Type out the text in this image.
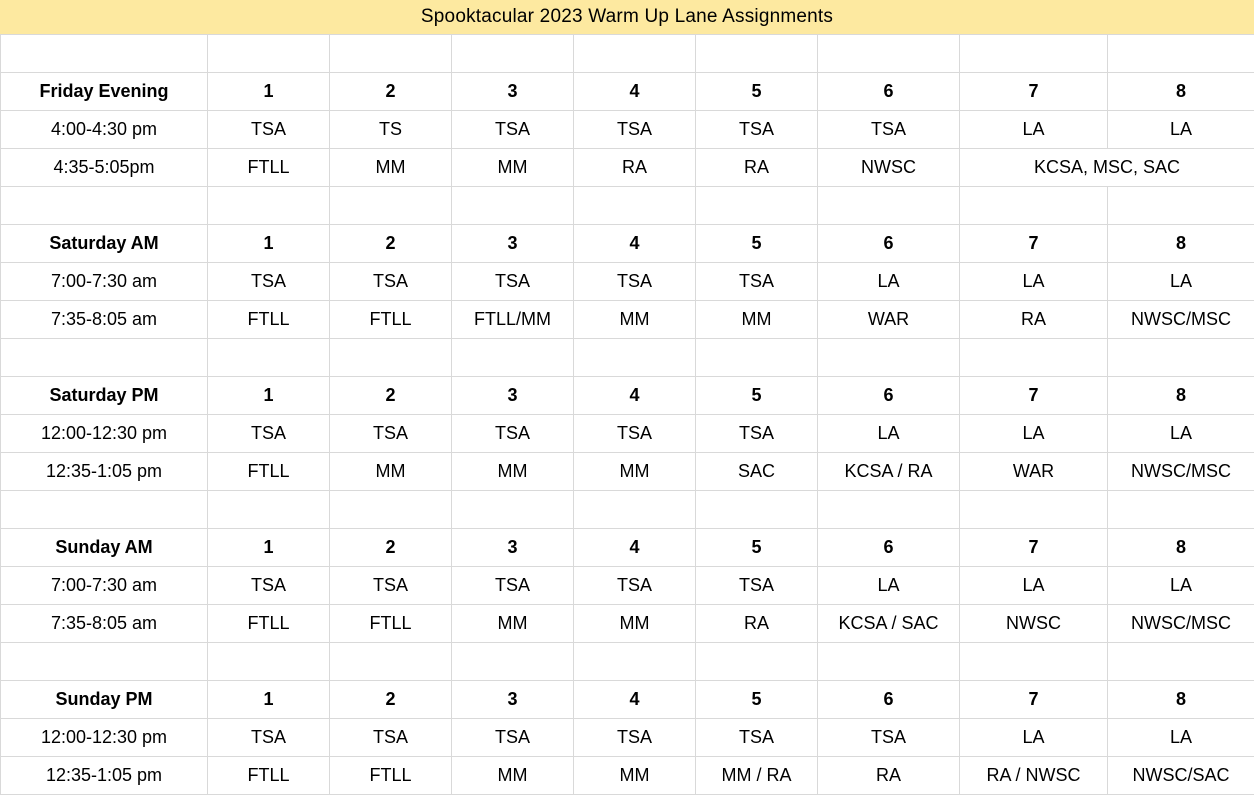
Spooktacular 2023 Warm Up Lane Assignments

Friday Evening	1	2	3	4	5	6	7	8
4:00-4:30 pm	TSA	TS	TSA	TSA	TSA	TSA	LA	LA
4:35-5:05pm	FTLL	MM	MM	RA	RA	NWSC	KCSA, MSC, SAC	

Saturday AM	1	2	3	4	5	6	7	8
7:00-7:30 am	TSA	TSA	TSA	TSA	TSA	LA	LA	LA
7:35-8:05 am	FTLL	FTLL	FTLL/MM	MM	MM	WAR	RA	NWSC/MSC

Saturday PM	1	2	3	4	5	6	7	8
12:00-12:30 pm	TSA	TSA	TSA	TSA	TSA	LA	LA	LA
12:35-1:05 pm	FTLL	MM	MM	MM	SAC	KCSA / RA	WAR	NWSC/MSC

Sunday AM	1	2	3	4	5	6	7	8
7:00-7:30 am	TSA	TSA	TSA	TSA	TSA	LA	LA	LA
7:35-8:05 am	FTLL	FTLL	MM	MM	RA	KCSA / SAC	NWSC	NWSC/MSC

Sunday PM	1	2	3	4	5	6	7	8
12:00-12:30 pm	TSA	TSA	TSA	TSA	TSA	TSA	LA	LA
12:35-1:05 pm	FTLL	FTLL	MM	MM	MM / RA	RA	RA / NWSC	NWSC/SAC
